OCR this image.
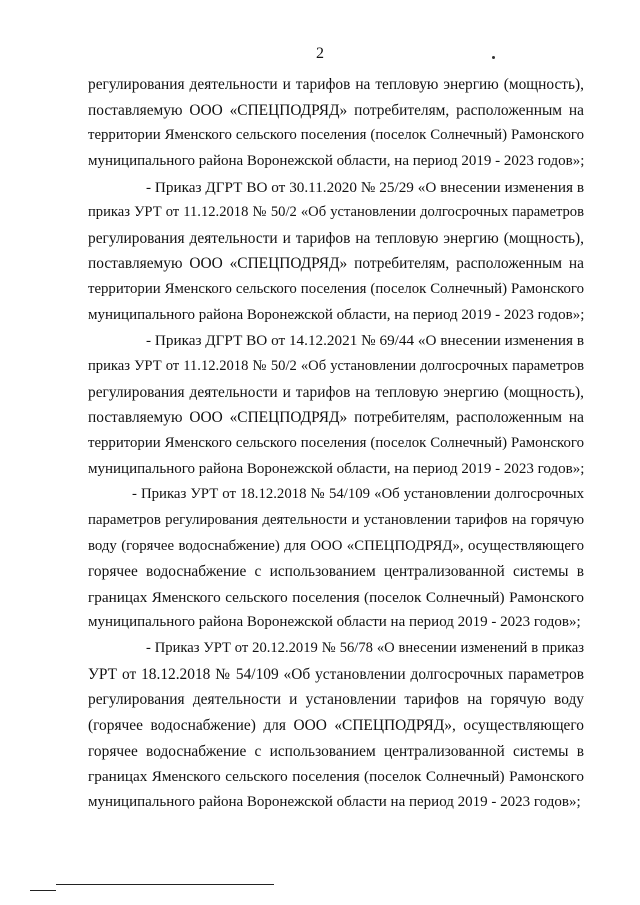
2
регулирования деятельности и тарифов на тепловую энергию (мощность),
поставляемую ООО «СПЕЦПОДРЯД» потребителям, расположенным на
территории Яменского сельского поселения (поселок Солнечный) Рамонского
муниципального района Воронежской области, на период 2019 - 2023 годов»;
- Приказ ДГРТ ВО от 30.11.2020 № 25/29 «О внесении изменения в
приказ УРТ от 11.12.2018 № 50/2 «Об установлении долгосрочных параметров
регулирования деятельности и тарифов на тепловую энергию (мощность),
поставляемую ООО «СПЕЦПОДРЯД» потребителям, расположенным на
территории Яменского сельского поселения (поселок Солнечный) Рамонского
муниципального района Воронежской области, на период 2019 - 2023 годов»;
- Приказ ДГРТ ВО от 14.12.2021 № 69/44 «О внесении изменения в
приказ УРТ от 11.12.2018 № 50/2 «Об установлении долгосрочных параметров
регулирования деятельности и тарифов на тепловую энергию (мощность),
поставляемую ООО «СПЕЦПОДРЯД» потребителям, расположенным на
территории Яменского сельского поселения (поселок Солнечный) Рамонского
муниципального района Воронежской области, на период 2019 - 2023 годов»;
- Приказ УРТ от 18.12.2018 № 54/109 «Об установлении долгосрочных
параметров регулирования деятельности и установлении тарифов на горячую
воду (горячее водоснабжение) для ООО «СПЕЦПОДРЯД», осуществляющего
горячее водоснабжение с использованием централизованной системы в
границах Яменского сельского поселения (поселок Солнечный) Рамонского
муниципального района Воронежской области на период 2019 - 2023 годов»;
- Приказ УРТ от 20.12.2019 № 56/78 «О внесении изменений в приказ
УРТ от 18.12.2018 № 54/109 «Об установлении долгосрочных параметров
регулирования деятельности и установлении тарифов на горячую воду
(горячее водоснабжение) для ООО «СПЕЦПОДРЯД», осуществляющего
горячее водоснабжение с использованием централизованной системы в
границах Яменского сельского поселения (поселок Солнечный) Рамонского
муниципального района Воронежской области на период 2019 - 2023 годов»;
